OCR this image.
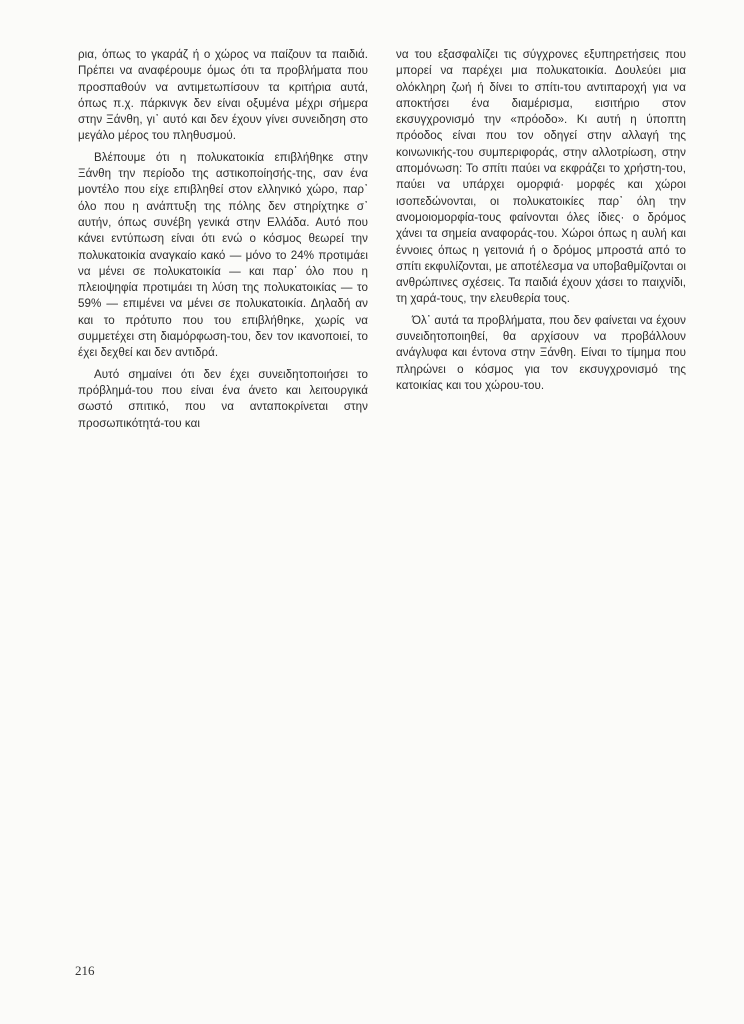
ρια, όπως το γκαράζ ή ο χώρος να παίζουν τα παιδιά. Πρέπει να αναφέρουμε όμως ότι τα προβλήματα που προσπαθούν να αντιμετωπίσουν τα κριτήρια αυτά, όπως π.χ. πάρκινγκ δεν είναι οξυμένα μέχρι σήμερα στην Ξάνθη, γι᾽ αυτό και δεν έχουν γίνει συνειδηση στο μεγάλο μέρος του πληθυσμού.

Βλέπουμε ότι η πολυκατοικία επιβλήθηκε στην Ξάνθη την περίοδο της αστικοποίησής-της, σαν ένα μοντέλο που είχε επιβληθεί στον ελληνικό χώρο, παρ᾽ όλο που η ανάπτυξη της πόλης δεν στηρίχτηκε σ᾽ αυτήν, όπως συνέβη γενικά στην Ελλάδα. Αυτό που κάνει εντύπωση είναι ότι ενώ ο κόσμος θεωρεί την πολυκατοικία αναγκαίο κακό — μόνο το 24% προτιμάει να μένει σε πολυκατοικία — και παρ᾽ όλο που η πλειοψηφία προτιμάει τη λύση της πολυκατοικίας — το 59% — επιμένει να μένει σε πολυκατοικία. Δηλαδή αν και το πρότυπο που του επιβλήθηκε, χωρίς να συμμετέχει στη διαμόρφωση-του, δεν τον ικανοποιεί, το έχει δεχθεί και δεν αντιδρά.

Αυτό σημαίνει ότι δεν έχει συνειδητοποιήσει το πρόβλημά-του που είναι ένα άνετο και λειτουργικά σωστό σπιτικό, που να ανταποκρίνεται στην προσωπικότητά-του και

να του εξασφαλίζει τις σύγχρονες εξυπηρετήσεις που μπορεί να παρέχει μια πολυκατοικία. Δουλεύει μια ολόκληρη ζωή ή δίνει το σπίτι-του αντιπαροχή για να αποκτήσει ένα διαμέρισμα, εισιτήριο στον εκσυγχρονισμό την «πρόοδο». Κι αυτή η ύποπτη πρόοδος είναι που τον οδηγεί στην αλλαγή της κοινωνικής-του συμπεριφοράς, στην αλλοτρίωση, στην απομόνωση: Το σπίτι παύει να εκφράζει το χρήστη-του, παύει να υπάρχει ομορφιά· μορφές και χώροι ισοπεδώνονται, οι πολυκατοικίες παρ᾽ όλη την ανομοιομορφία-τους φαίνονται όλες ίδιες· ο δρόμος χάνει τα σημεία αναφοράς-του. Χώροι όπως η αυλή και έννοιες όπως η γειτονιά ή ο δρόμος μπροστά από το σπίτι εκφυλίζονται, με αποτέλεσμα να υποβαθμίζονται οι ανθρώπινες σχέσεις. Τα παιδιά έχουν χάσει το παιχνίδι, τη χαρά-τους, την ελευθερία τους.

Όλ᾽ αυτά τα προβλήματα, που δεν φαίνεται να έχουν συνειδητοποιηθεί, θα αρχίσουν να προβάλλουν ανάγλυφα και έντονα στην Ξάνθη. Είναι το τίμημα που πληρώνει ο κόσμος για τον εκσυγχρονισμό της κατοικίας και του χώρου-του.

216
